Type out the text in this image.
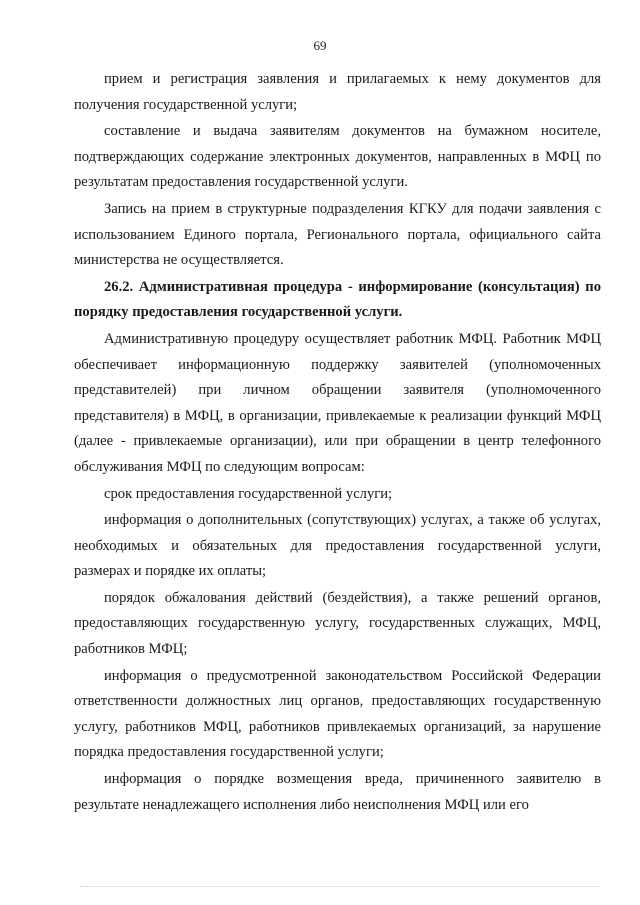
69

прием и регистрация заявления и прилагаемых к нему документов для получения государственной услуги;

составление и выдача заявителям документов на бумажном носителе, подтверждающих содержание электронных документов, направленных в МФЦ по результатам предоставления государственной услуги.

Запись на прием в структурные подразделения КГКУ для подачи заявления с использованием Единого портала, Регионального портала, официального сайта министерства не осуществляется.

26.2. Административная процедура - информирование (консультация) по порядку предоставления государственной услуги.

Административную процедуру осуществляет работник МФЦ. Работник МФЦ обеспечивает информационную поддержку заявителей (уполномоченных представителей) при личном обращении заявителя (уполномоченного представителя) в МФЦ, в организации, привлекаемые к реализации функций МФЦ (далее - привлекаемые организации), или при обращении в центр телефонного обслуживания МФЦ по следующим вопросам:

срок предоставления государственной услуги;

информация о дополнительных (сопутствующих) услугах, а также об услугах, необходимых и обязательных для предоставления государственной услуги, размерах и порядке их оплаты;

порядок обжалования действий (бездействия), а также решений органов, предоставляющих государственную услугу, государственных служащих, МФЦ, работников МФЦ;

информация о предусмотренной законодательством Российской Федерации ответственности должностных лиц органов, предоставляющих государственную услугу, работников МФЦ, работников привлекаемых организаций, за нарушение порядка предоставления государственной услуги;

информация о порядке возмещения вреда, причиненного заявителю в результате ненадлежащего исполнения либо неисполнения МФЦ или его
